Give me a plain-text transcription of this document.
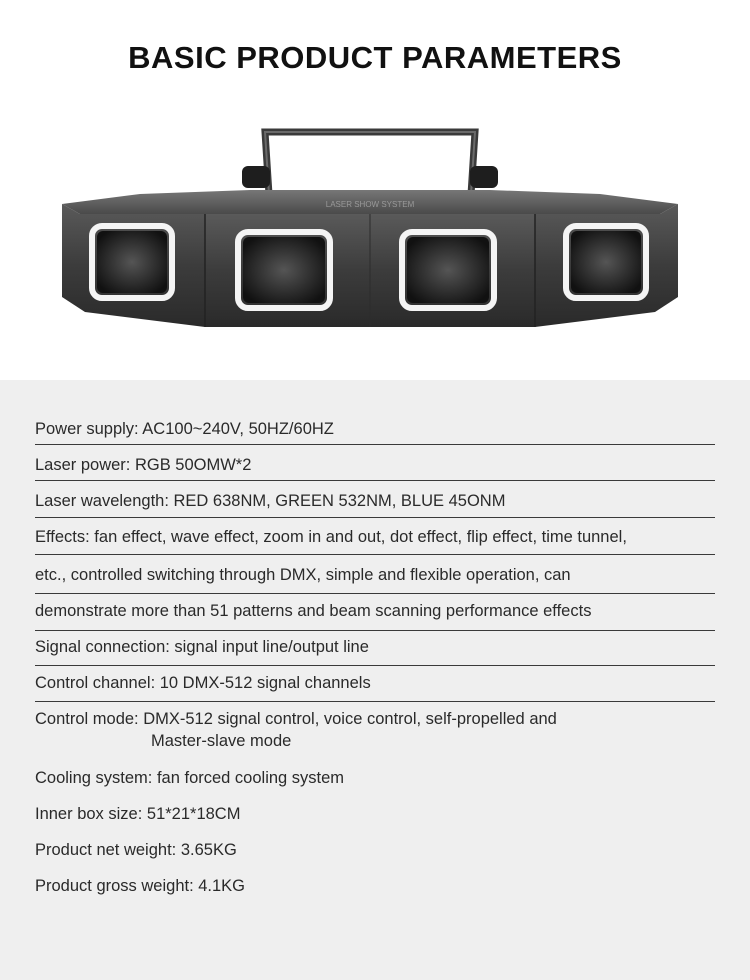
BASIC PRODUCT PARAMETERS
LASER SHOW SYSTEM
Power supply: AC100~240V, 50HZ/60HZ
Laser power: RGB 50OMW*2
Laser wavelength: RED 638NM, GREEN 532NM, BLUE 45ONM
Effects: fan effect, wave effect, zoom in and out, dot effect, flip effect, time tunnel,
etc., controlled switching through DMX, simple and flexible operation, can
demonstrate more than 51 patterns and beam scanning performance effects
Signal connection: signal input line/output line
Control channel: 10 DMX-512 signal channels
Control mode: DMX-512 signal control, voice control, self-propelled and
Master-slave mode
Cooling system: fan forced cooling system
Inner box size: 51*21*18CM
Product net weight: 3.65KG
Product gross weight: 4.1KG
